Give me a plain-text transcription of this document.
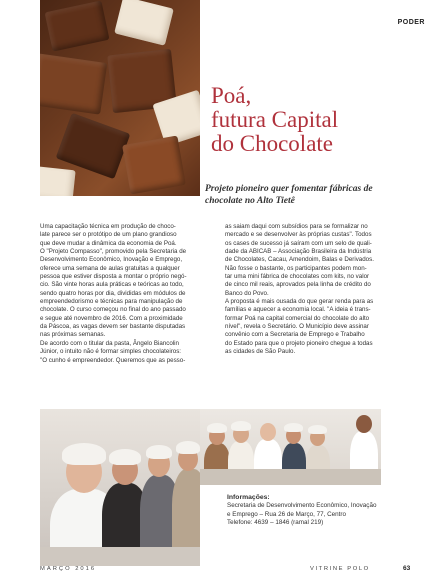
PODER
Poá,
futura Capital
do Chocolate
Projeto pioneiro quer fomentar fábricas de chocolate no Alto Tietê

Uma capacitação técnica em produção de choco-

late parece ser o protótipo de um plano grandioso

que deve mudar a dinâmica da economia de Poá.

O "Projeto Compasso", promovido pela Secretaria de

Desenvolvimento Econômico, Inovação e Emprego,

oferece uma semana de aulas gratuitas a qualquer

pessoa que estiver disposta a montar o próprio negó-

cio. São vinte horas aula práticas e teóricas ao todo,

sendo quatro horas por dia, divididas em módulos de

empreendedorismo e técnicas para manipulação de

chocolate. O curso começou no final do ano passado

e segue até novembro de 2016. Com a proximidade

da Páscoa, as vagas devem ser bastante disputadas

nas próximas semanas.

De acordo com o titular da pasta, Ângelo Biancolin

Júnior, o intuito não é formar simples chocolateiros:

"O cunho é empreendedor. Queremos que as pesso-

as saiam daqui com subsídios para se formalizar no

mercado e se desenvolver às próprias custas". Todos

os cases de sucesso já saíram com um selo de quali-

dade da ABICAB – Associação Brasileira da Indústria

de Chocolates, Cacau, Amendoim, Balas e Derivados.

Não fosse o bastante, os participantes podem mon-

tar uma mini fábrica de chocolates com kits, no valor

de cinco mil reais, aprovados pela linha de crédito do

Banco do Povo.

A proposta é mais ousada do que gerar renda para as

famílias e aquecer a economia local. "A ideia é trans-

formar Poá na capital comercial do chocolate do alto

nível", revela o Secretário. O Município deve assinar

convênio com a Secretaria de Emprego e Trabalho

do Estado para que o projeto pioneiro chegue a todas

as cidades de São Paulo.

Informações:
Secretaria de Desenvolvimento Econômico, Inovação
e Emprego – Rua 26 de Março, 77, Centro
Telefone: 4639 – 1846 (ramal 219)
MARÇO 2016	VITRINE POLO	63
